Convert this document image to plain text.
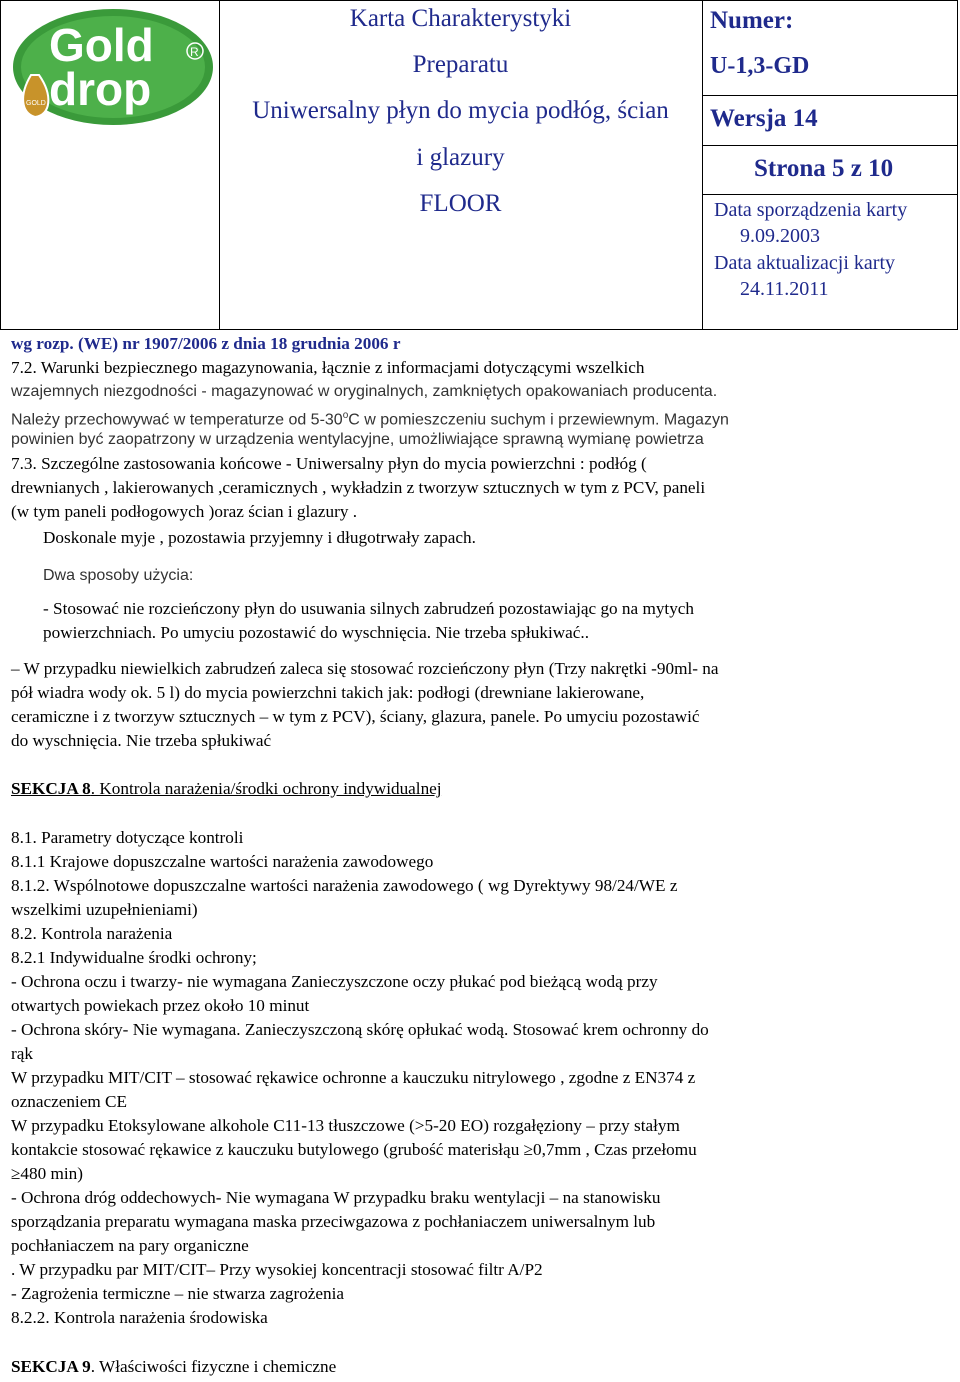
Gold
drop
R
GOLD
Karta Charakterystyki
Preparatu
Uniwersalny płyn do mycia podłóg, ścian
i glazury
FLOOR
Numer:
U-1,3-GD
Wersja 14
Strona 5 z 10
Data sporządzenia karty
9.09.2003
Data aktualizacji karty
24.11.2011
wg rozp. (WE) nr 1907/2006 z dnia 18 grudnia 2006 r
7.2. Warunki bezpiecznego magazynowania, łącznie z informacjami dotyczącymi wszelkich
wzajemnych niezgodności - magazynować w oryginalnych, zamkniętych opakowaniach producenta.
Należy przechowywać w temperaturze od 5-30$^o$C w pomieszczeniu suchym i przewiewnym. Magazyn
powinien być zaopatrzony w urządzenia wentylacyjne, umożliwiające sprawną wymianę powietrza
7.3. Szczególne zastosowania końcowe - Uniwersalny płyn do mycia powierzchni : podłóg (
drewnianych , lakierowanych ,ceramicznych , wykładzin z tworzyw sztucznych w tym z PCV, paneli
(w tym paneli podłogowych )oraz ścian i glazury .
Doskonale myje , pozostawia przyjemny i długotrwały zapach.
Dwa sposoby użycia:
- Stosować nie rozcieńczony płyn do usuwania silnych zabrudzeń pozostawiając go na mytych
powierzchniach. Po umyciu pozostawić do wyschnięcia. Nie trzeba spłukiwać..
– W przypadku niewielkich zabrudzeń zaleca się stosować rozcieńczony płyn (Trzy nakrętki -90ml- na
pół wiadra wody ok. 5 l) do mycia powierzchni takich jak: podłogi (drewniane lakierowane,
ceramiczne i z tworzyw sztucznych – w tym z PCV), ściany, glazura, panele. Po umyciu pozostawić
do wyschnięcia. Nie trzeba spłukiwać
SEKCJA 8. Kontrola narażenia/środki ochrony indywidualnej
8.1. Parametry dotyczące kontroli
8.1.1 Krajowe dopuszczalne wartości narażenia zawodowego
8.1.2. Wspólnotowe dopuszczalne wartości narażenia zawodowego ( wg Dyrektywy 98/24/WE z
wszelkimi uzupełnieniami)
8.2. Kontrola narażenia
8.2.1 Indywidualne środki ochrony;
- Ochrona oczu i twarzy- nie wymagana Zanieczyszczone oczy płukać pod bieżącą wodą przy
otwartych powiekach przez około 10 minut
- Ochrona skóry- Nie wymagana. Zanieczyszczoną skórę opłukać wodą. Stosować krem ochronny do
rąk
W przypadku MIT/CIT – stosować rękawice ochronne a kauczuku nitrylowego , zgodne z EN374 z
oznaczeniem CE
W przypadku Etoksylowane alkohole C11-13 tłuszczowe (>5-20 EO) rozgałęziony – przy stałym
kontakcie stosować rękawice z kauczuku butylowego (grubość materisłąu ≥0,7mm , Czas przełomu
≥480 min)
- Ochrona dróg oddechowych- Nie wymagana W przypadku braku wentylacji – na stanowisku
sporządzania preparatu wymagana maska przeciwgazowa z pochłaniaczem uniwersalnym lub
pochłaniaczem na pary organiczne
. W przypadku par MIT/CIT– Przy wysokiej koncentracji stosować filtr A/P2
- Zagrożenia termiczne – nie stwarza zagrożenia
8.2.2. Kontrola narażenia środowiska
SEKCJA 9. Właściwości fizyczne i chemiczne
